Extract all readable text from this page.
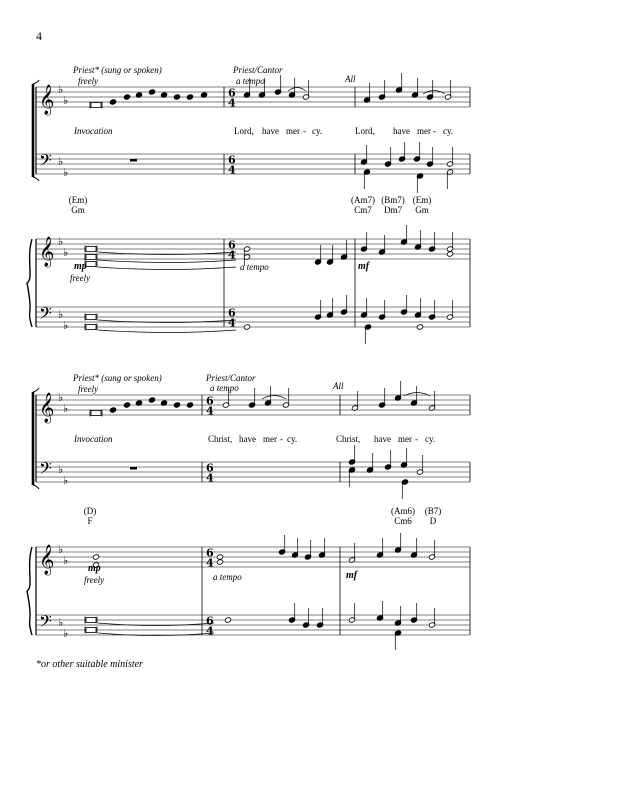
4
𝄞
𝄢
𝄞
𝄢
♭
♭
♭
♭
♭
♭
♭
♭
6
4
6
4
6
4
6
4
𝄞
𝄢
𝄞
𝄢
♭
♭
♭
♭
♭
♭
♭
♭
6
4
6
4
6
4
6
4
Priest* (sung or spoken)
freely
Priest/Cantor
a tempo	All
Invocation	Lord, have mer - cy.	Lord, have mer - cy.
(Em)
Gm
(Am7)
Cm7
(Bm7)
Dm7
(Em)
Gm
mp
freely
a tempo	mf
Priest* (sung or spoken)
freely
Priest/Cantor
a tempo	All
Invocation	Christ, have mer - cy.	Christ, have mer - cy.
(D)
F
(Am6)
Cm6
(B7)
D
mp
freely	a tempo	mf
*or other suitable minister
